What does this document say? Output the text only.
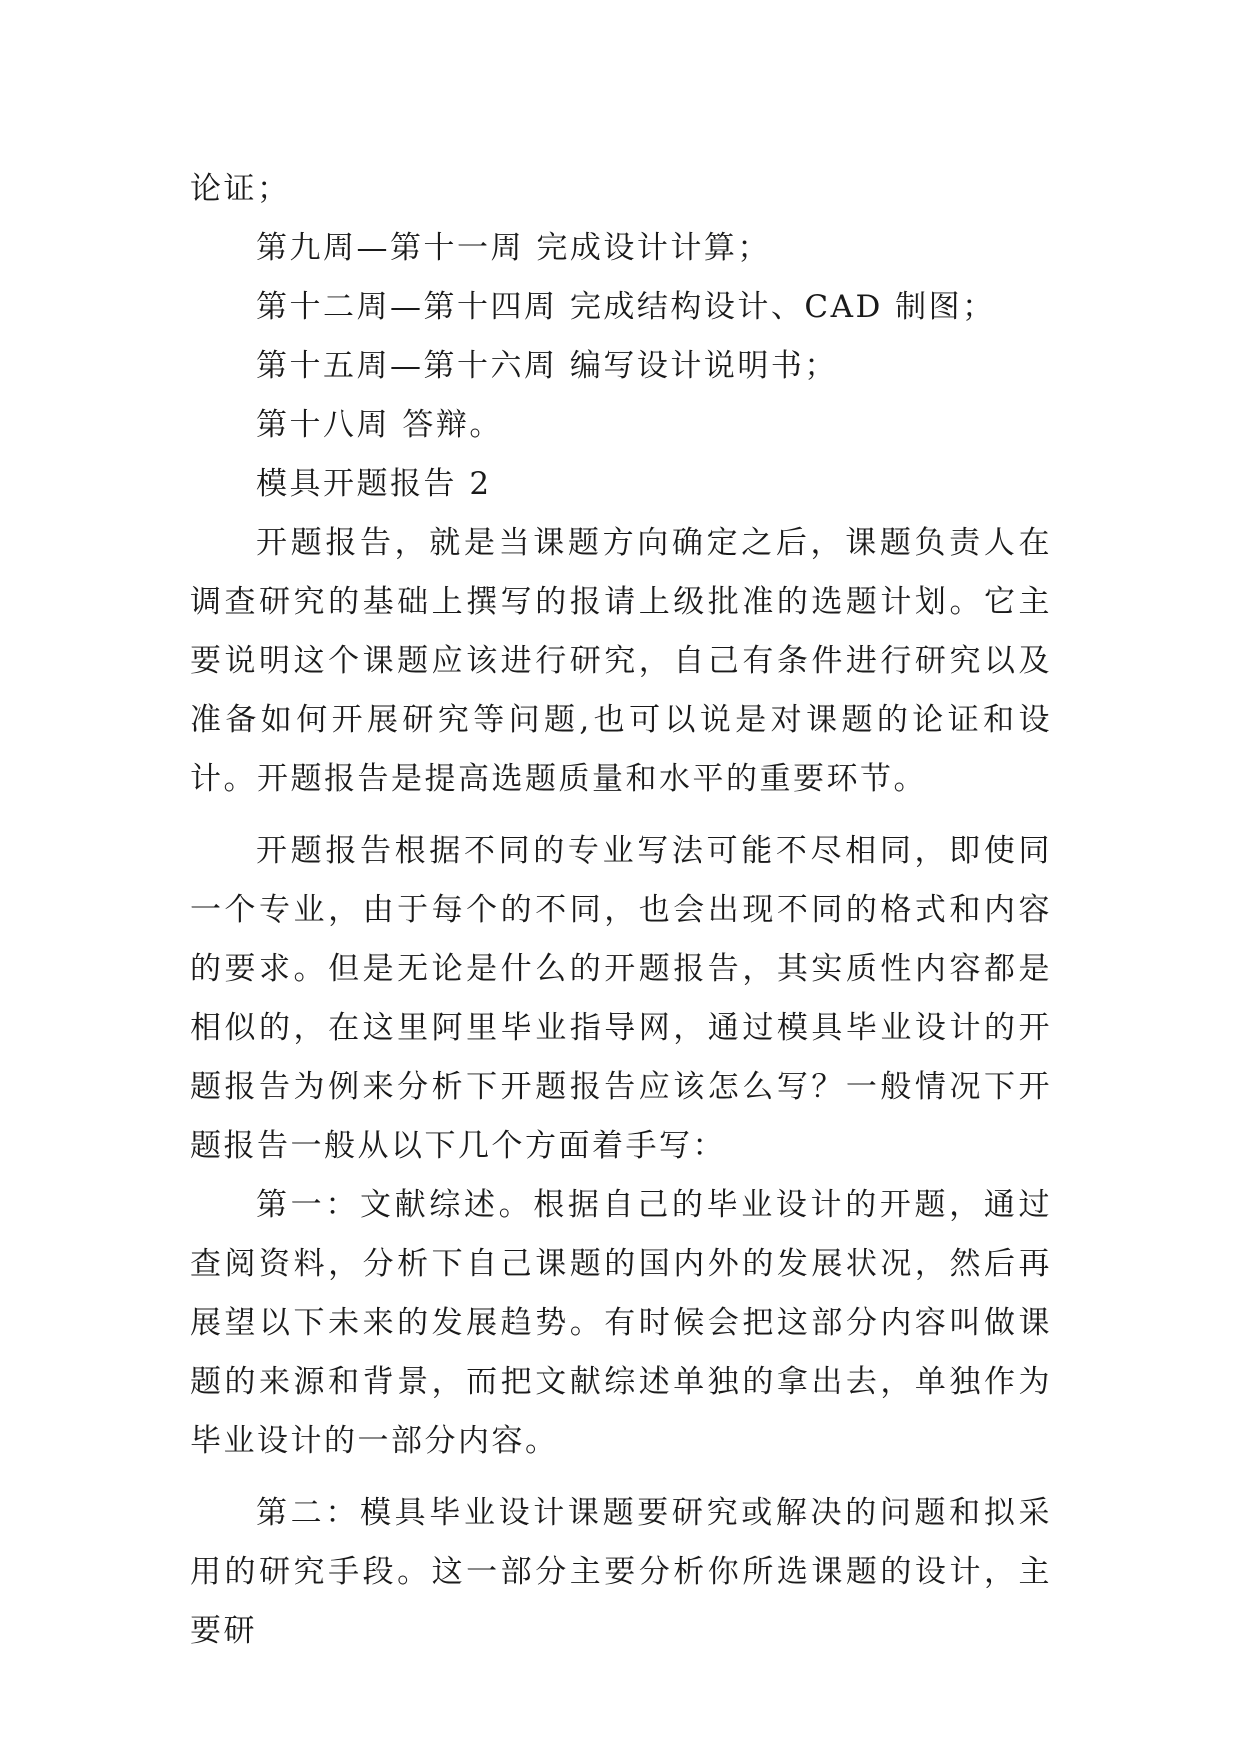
论证；

第九周—第十一周 完成设计计算；

第十二周—第十四周 完成结构设计、CAD 制图；

第十五周—第十六周 编写设计说明书；

第十八周 答辩。

模具开题报告 2

开题报告，就是当课题方向确定之后，课题负责人在调查研究的基础上撰写的报请上级批准的选题计划。它主要说明这个课题应该进行研究，自己有条件进行研究以及准备如何开展研究等问题,也可以说是对课题的论证和设计。开题报告是提高选题质量和水平的重要环节。

开题报告根据不同的专业写法可能不尽相同，即使同一个专业，由于每个的不同，也会出现不同的格式和内容的要求。但是无论是什么的开题报告，其实质性内容都是相似的，在这里阿里毕业指导网，通过模具毕业设计的开题报告为例来分析下开题报告应该怎么写？一般情况下开题报告一般从以下几个方面着手写：

第一：文献综述。根据自己的毕业设计的开题，通过查阅资料，分析下自己课题的国内外的发展状况，然后再展望以下未来的发展趋势。有时候会把这部分内容叫做课题的来源和背景，而把文献综述单独的拿出去，单独作为毕业设计的一部分内容。

第二：模具毕业设计课题要研究或解决的问题和拟采用的研究手段。这一部分主要分析你所选课题的设计，主要研
